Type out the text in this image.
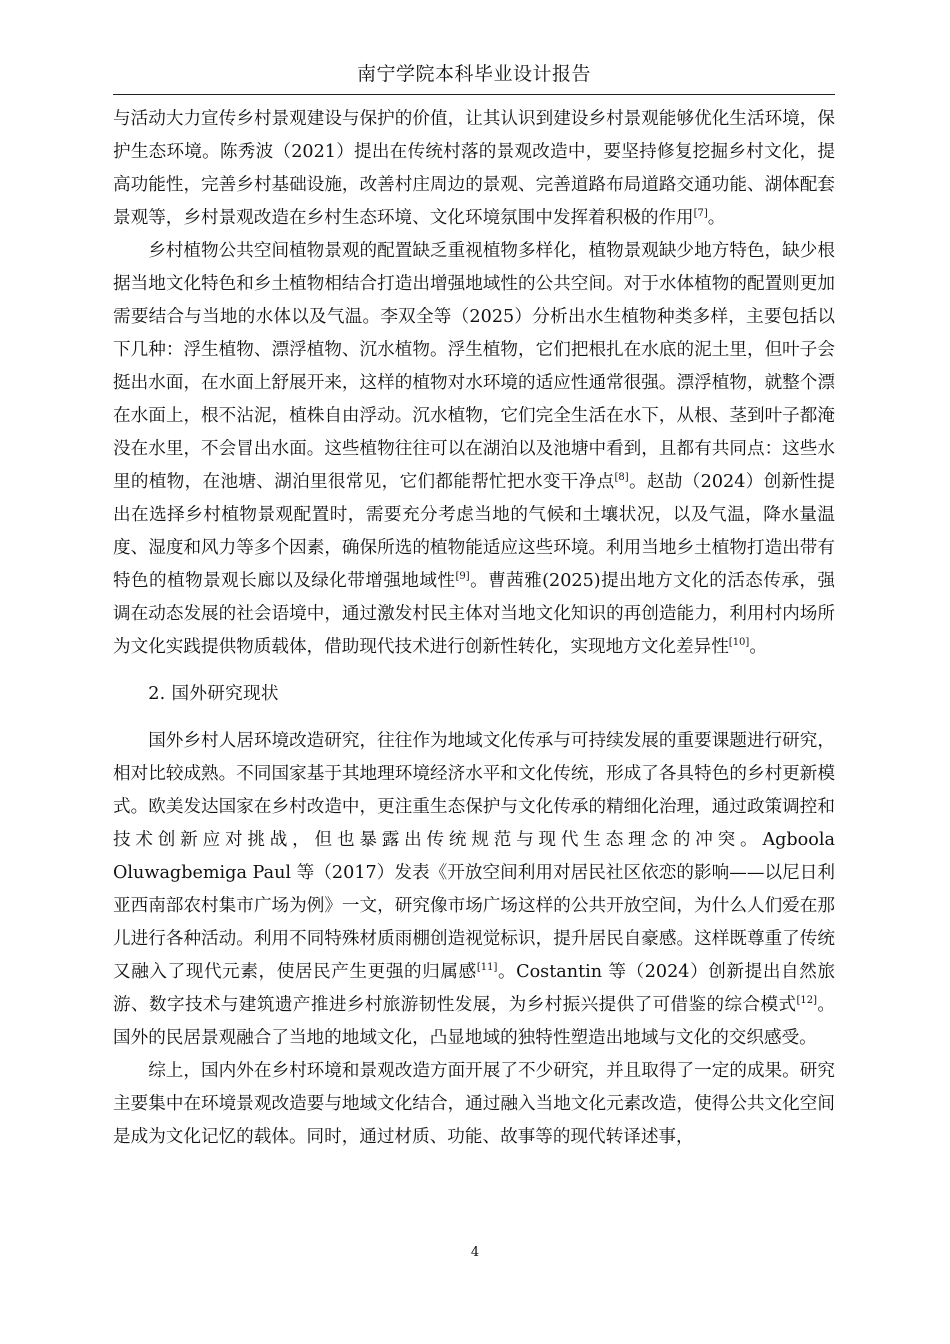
南宁学院本科毕业设计报告

与活动大力宣传乡村景观建设与保护的价值，让其认识到建设乡村景观能够优化生活环境，保护生态环境。陈秀波（2021）提出在传统村落的景观改造中，要坚持修复挖掘乡村文化，提高功能性，完善乡村基础设施，改善村庄周边的景观、完善道路布局道路交通功能、湖体配套景观等，乡村景观改造在乡村生态环境、文化环境氛围中发挥着积极的作用[7]。

乡村植物公共空间植物景观的配置缺乏重视植物多样化，植物景观缺少地方特色，缺少根据当地文化特色和乡土植物相结合打造出增强地域性的公共空间。对于水体植物的配置则更加需要结合与当地的水体以及气温。李双全等（2025）分析出水生植物种类多样，主要包括以下几种：浮生植物、漂浮植物、沉水植物。浮生植物，它们把根扎在水底的泥土里，但叶子会挺出水面，在水面上舒展开来，这样的植物对水环境的适应性通常很强。漂浮植物，就整个漂在水面上，根不沾泥，植株自由浮动。沉水植物，它们完全生活在水下，从根、茎到叶子都淹没在水里，不会冒出水面。这些植物往往可以在湖泊以及池塘中看到，且都有共同点：这些水里的植物，在池塘、湖泊里很常见，它们都能帮忙把水变干净点[8]。赵劼（2024）创新性提出在选择乡村植物景观配置时，需要充分考虑当地的气候和土壤状况，以及气温，降水量温度、湿度和风力等多个因素，确保所选的植物能适应这些环境。利用当地乡土植物打造出带有特色的植物景观长廊以及绿化带增强地域性[9]。曹茜雅(2025)提出地方文化的活态传承，强调在动态发展的社会语境中，通过激发村民主体对当地文化知识的再创造能力，利用村内场所为文化实践提供物质载体，借助现代技术进行创新性转化，实现地方文化差异性[10]。

2. 国外研究现状

国外乡村人居环境改造研究，往往作为地域文化传承与可持续发展的重要课题进行研究，相对比较成熟。不同国家基于其地理环境经济水平和文化传统，形成了各具特色的乡村更新模式。欧美发达国家在乡村改造中，更注重生态保护与文化传承的精细化治理，通过政策调控和技术创新应对挑战，但也暴露出传统规范与现代生态理念的冲突。Agboola Oluwagbemiga Paul 等（2017）发表《开放空间利用对居民社区依恋的影响——以尼日利亚西南部农村集市广场为例》一文，研究像市场广场这样的公共开放空间，为什么人们爱在那儿进行各种活动。利用不同特殊材质雨棚创造视觉标识，提升居民自豪感。这样既尊重了传统又融入了现代元素，使居民产生更强的归属感[11]。Costantin 等（2024）创新提出自然旅游、数字技术与建筑遗产推进乡村旅游韧性发展，为乡村振兴提供了可借鉴的综合模式[12]。国外的民居景观融合了当地的地域文化，凸显地域的独特性塑造出地域与文化的交织感受。

综上，国内外在乡村环境和景观改造方面开展了不少研究，并且取得了一定的成果。研究主要集中在环境景观改造要与地域文化结合，通过融入当地文化元素改造，使得公共文化空间是成为文化记忆的载体。同时，通过材质、功能、故事等的现代转译述事，

4
